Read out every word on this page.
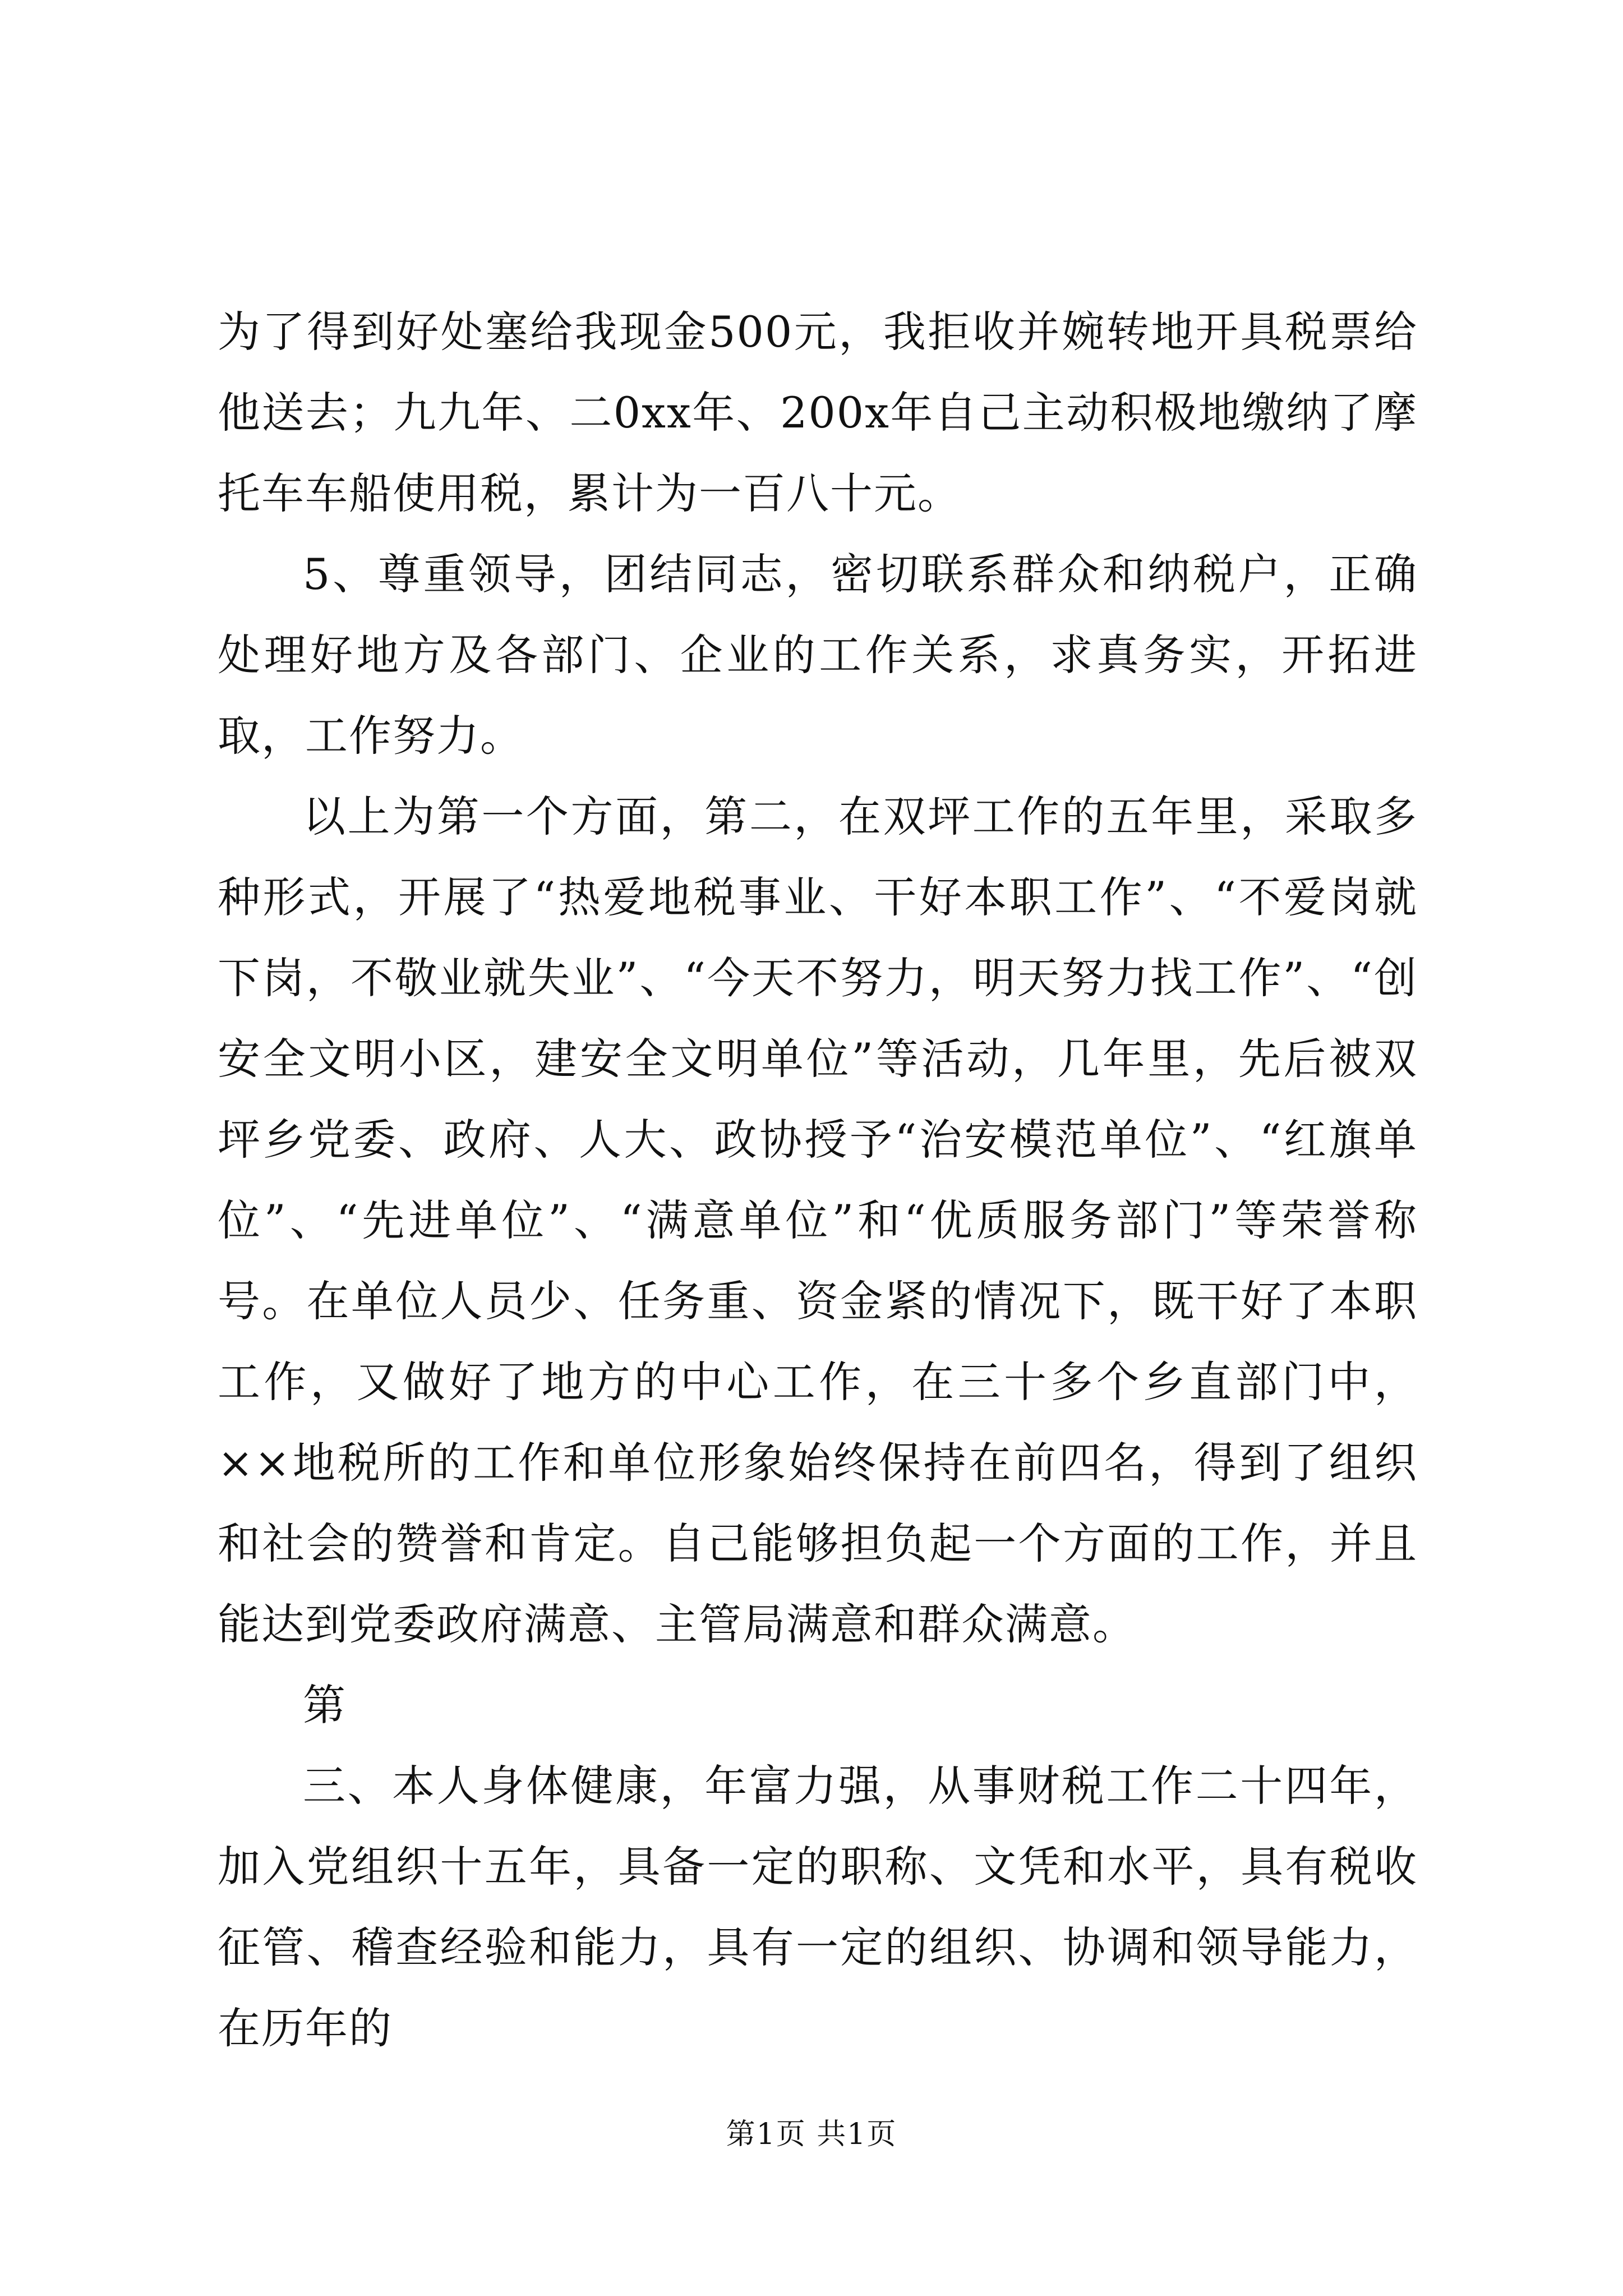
为了得到好处塞给我现金500元，我拒收并婉转地开具税票给他送去；九九年、二0xx年、200x年自己主动积极地缴纳了摩托车车船使用税，累计为一百八十元。

5、尊重领导，团结同志，密切联系群众和纳税户，正确处理好地方及各部门、企业的工作关系，求真务实，开拓进取，工作努力。

以上为第一个方面，第二，在双坪工作的五年里，采取多种形式，开展了“热爱地税事业、干好本职工作”、“不爱岗就下岗，不敬业就失业”、“今天不努力，明天努力找工作”、“创安全文明小区，建安全文明单位”等活动，几年里，先后被双坪乡党委、政府、人大、政协授予“治安模范单位”、“红旗单位”、“先进单位”、“满意单位”和“优质服务部门”等荣誉称号。在单位人员少、任务重、资金紧的情况下，既干好了本职工作，又做好了地方的中心工作，在三十多个乡直部门中，××地税所的工作和单位形象始终保持在前四名，得到了组织和社会的赞誉和肯定。自己能够担负起一个方面的工作，并且能达到党委政府满意、主管局满意和群众满意。

第

三、本人身体健康，年富力强，从事财税工作二十四年，加入党组织十五年，具备一定的职称、文凭和水平，具有税收征管、稽查经验和能力，具有一定的组织、协调和领导能力，在历年的

第1页 共1页
